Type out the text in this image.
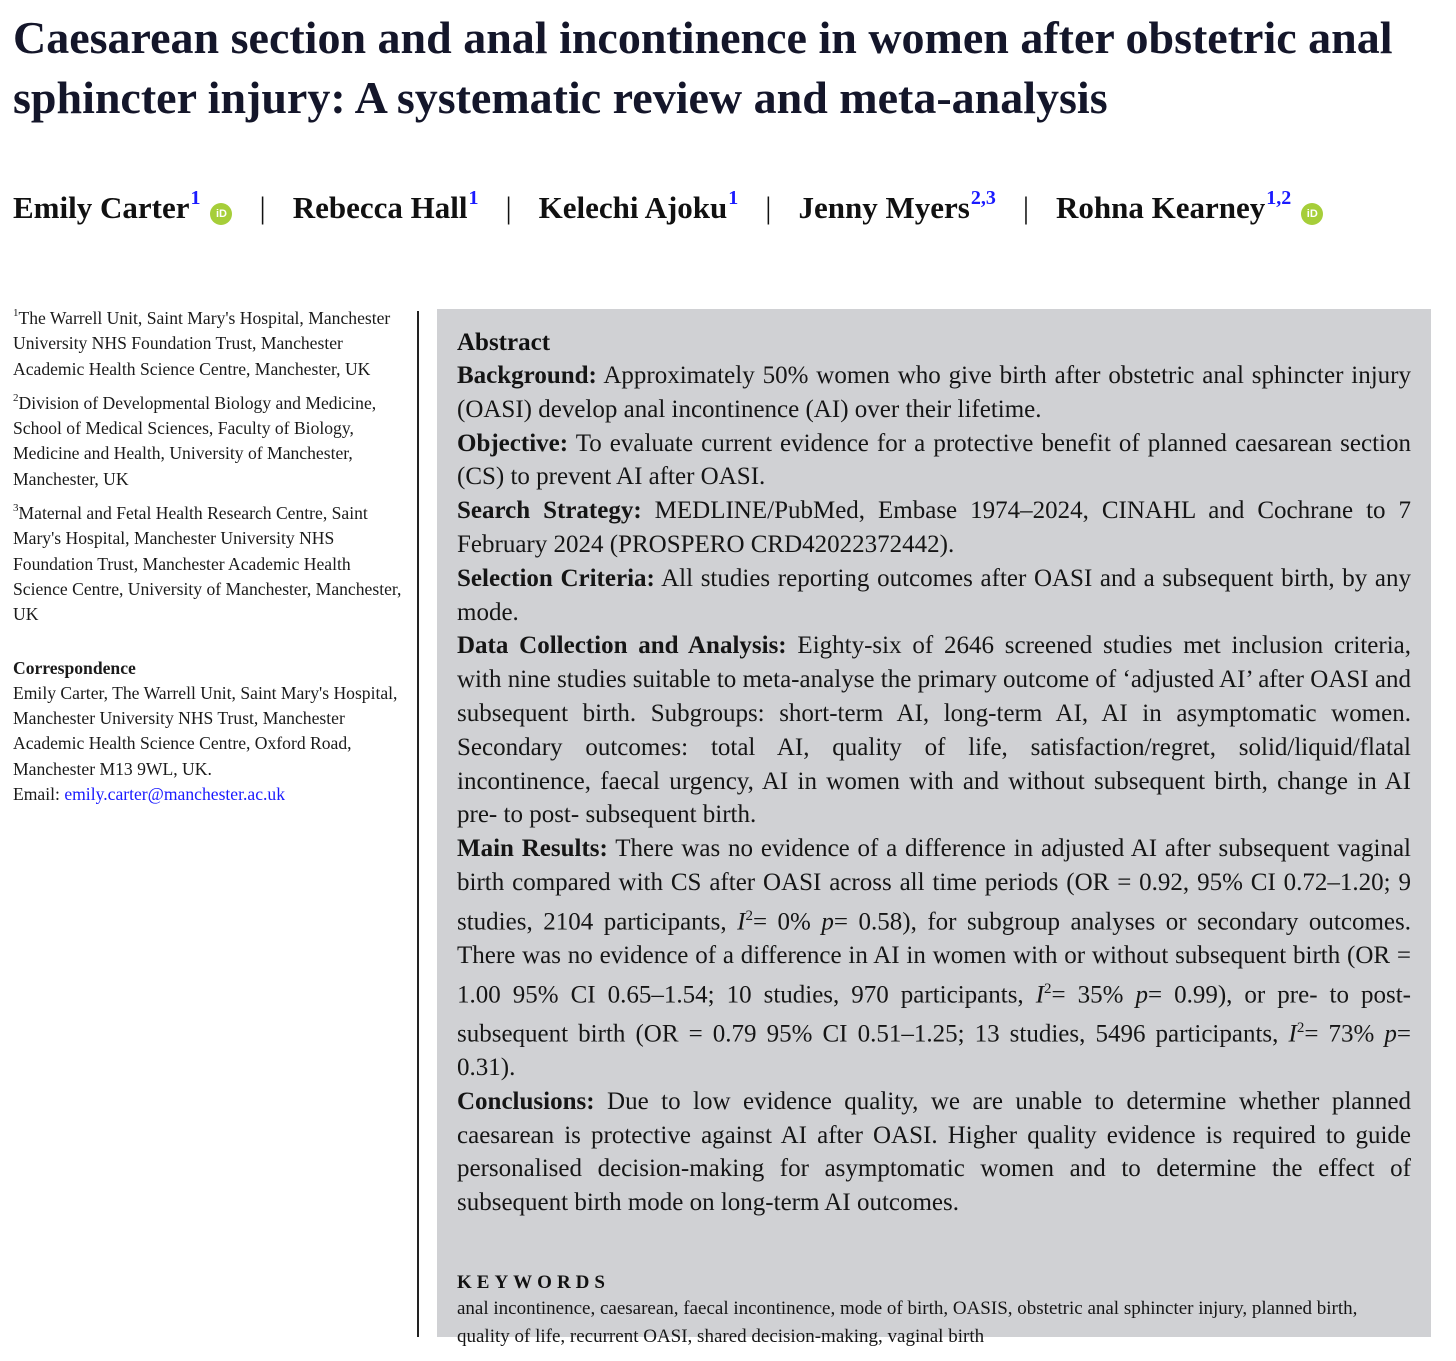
Caesarean section and anal incontinence in women after obstetric anal sphincter injury: A systematic review and meta-analysis
Emily Carter$^1$
iD | Rebecca Hall$^1$ | Kelechi Ajoku$^1$ | Jenny Myers$^{2,3}$ | Rohna Kearney$^{1,2}$
iD

$^1$The Warrell Unit, Saint Mary's Hospital, Manchester University NHS Foundation Trust, Manchester Academic Health Science Centre, Manchester, UK

$^2$Division of Developmental Biology and Medicine, School of Medical Sciences, Faculty of Biology, Medicine and Health, University of Manchester, Manchester, UK

$^3$Maternal and Fetal Health Research Centre, Saint Mary's Hospital, Manchester University NHS Foundation Trust, Manchester Academic Health Science Centre, University of Manchester, Manchester, UK

Correspondence
Emily Carter, The Warrell Unit, Saint Mary's Hospital, Manchester University NHS Trust, Manchester Academic Health Science Centre, Oxford Road, Manchester M13 9WL, UK.
Email: emily.carter@manchester.ac.uk
Abstract

Background: Approximately 50% women who give birth after obstetric anal sphincter injury (OASI) develop anal incontinence (AI) over their lifetime.

Objective: To evaluate current evidence for a protective benefit of planned caesarean section (CS) to prevent AI after OASI.

Search Strategy: MEDLINE/PubMed, Embase 1974–2024, CINAHL and Cochrane to 7 February 2024 (PROSPERO CRD42022372442).

Selection Criteria: All studies reporting outcomes after OASI and a subsequent birth, by any mode.

Data Collection and Analysis: Eighty-six of 2646 screened studies met inclusion criteria, with nine studies suitable to meta-analyse the primary outcome of ‘adjusted AI’ after OASI and subsequent birth. Subgroups: short-term AI, long-term AI, AI in asymptomatic women. Secondary outcomes: total AI, quality of life, satisfaction/regret, solid/liquid/flatal incontinence, faecal urgency, AI in women with and without subsequent birth, change in AI pre- to post- subsequent birth.

Main Results: There was no evidence of a difference in adjusted AI after subsequent vaginal birth compared with CS after OASI across all time periods (OR = 0.92, 95% CI 0.72–1.20; 9 studies, 2104 participants, $I^2= 0\%$ p= 0.58), for subgroup analyses or secondary outcomes. There was no evidence of a difference in AI in women with or without subsequent birth (OR = 1.00 95% CI 0.65–1.54; 10 studies, 970 participants, $I^2= 35\%$ p= 0.99), or pre- to post- subsequent birth (OR = 0.79 95% CI 0.51–1.25; 13 studies, 5496 participants, $I^2= 73\%$ p= 0.31).

Conclusions: Due to low evidence quality, we are unable to determine whether planned caesarean is protective against AI after OASI. Higher quality evidence is required to guide personalised decision-making for asymptomatic women and to determine the effect of subsequent birth mode on long-term AI outcomes.

KEYWORDS

anal incontinence, caesarean, faecal incontinence, mode of birth, OASIS, obstetric anal sphincter injury, planned birth, quality of life, recurrent OASI, shared decision-making, vaginal birth
